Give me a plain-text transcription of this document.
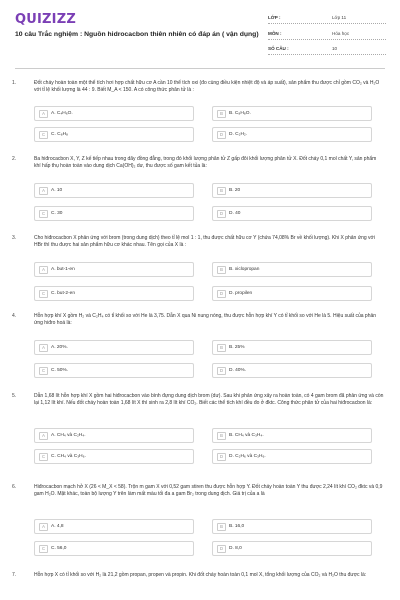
QUIZIZZ
10 câu Trắc nghiệm : Nguồn hidrocacbon thiên nhiên có đáp án ( vận dụng)
LỚP :	Lớp 11
MÔN :	Hóa học
SỐ CÂU :	10
1.	Đốt cháy hoàn toàn một thể tích hơi hợp chất hữu cơ A cần 10 thể tích oxi (đo cùng điều kiện nhiệt độ và áp suất), sản phẩm thu được chỉ gồm CO₂ và H₂O với tỉ lệ khối lượng là 44 : 9. Biết M_A < 150. A có công thức phân tử là :
A	A. C₄H₆O.	B	B. C₈H₈O.
C	C. C₈H₈	D	D. C₂H₂.
2.	Ba hiđrocacbon X, Y, Z kế tiếp nhau trong dãy đồng đẳng, trong đó khối lượng phân tử Z gấp đôi khối lượng phân tử X. Đốt cháy 0,1 mol chất Y, sản phẩm khí hấp thụ hoàn toàn vào dung dịch Ca(OH)₂ dư, thu được số gam kết tủa là:
A	A. 10	B	B. 20
C	C. 30	D	D. 40
3.	Cho hiđrocacbon X phản ứng với brom (trong dung dịch) theo tỉ lệ mol 1 : 1, thu được chất hữu cơ Y (chứa 74,08% Br về khối lượng). Khi X phản ứng với HBr thì thu được hai sản phẩm hữu cơ khác nhau. Tên gọi của X là :
A	A. but-1-en	B	B. xiclopropan
C	C. but-2-en	D	D. propilen
4.	Hỗn hợp khí X gồm H₂ và C₂H₄ có tỉ khối so với He là 3,75. Dẫn X qua Ni nung nóng, thu được hỗn hợp khí Y có tỉ khối so với He là 5. Hiệu suất của phản ứng hiđro hoá là:
A	A. 20%.	B	B. 25%
C	C. 50%.	D	D. 40%.
5.	Dẫn 1,68 lít hỗn hợp khí X gồm hai hiđrocacbon vào bình đựng dung dịch brom (dư). Sau khi phản ứng xảy ra hoàn toàn, có 4 gam brom đã phản ứng và còn lại 1,12 lít khí. Nếu đốt cháy hoàn toàn 1,68 lít X thì sinh ra 2,8 lít khí CO₂. Biết các thể tích khí đều đo ở đktc. Công thức phân tử của hai hiđrocacbon là:
A	A. CH₄ và C₂H₄.	B	B. CH₄ và C₃H₄.
C	C. CH₄ và C₃H₆.	D	D. C₂H₆ và C₃H₆.
6.	Hiđrocacbon mạch hở X (26 < M_X < 58). Trộn m gam X với 0,52 gam stiren thu được hỗn hợp Y. Đốt cháy hoàn toàn Y thu được 2,24 lít khí CO₂ đktc và 0,9 gam H₂O. Mặt khác, toàn bộ lượng Y trên làm mất màu tối đa a gam Br₂ trong dung dịch. Giá trị của a là
A	A. 4,8	B	B. 16,0
C	C. 56,0	D	D. 8,0
7.	Hỗn hợp X có tỉ khối so với H₂ là 21,2 gồm propan, propen và propin. Khi đốt cháy hoàn toàn 0,1 mol X, tổng khối lượng của CO₂ và H₂O thu được là:
